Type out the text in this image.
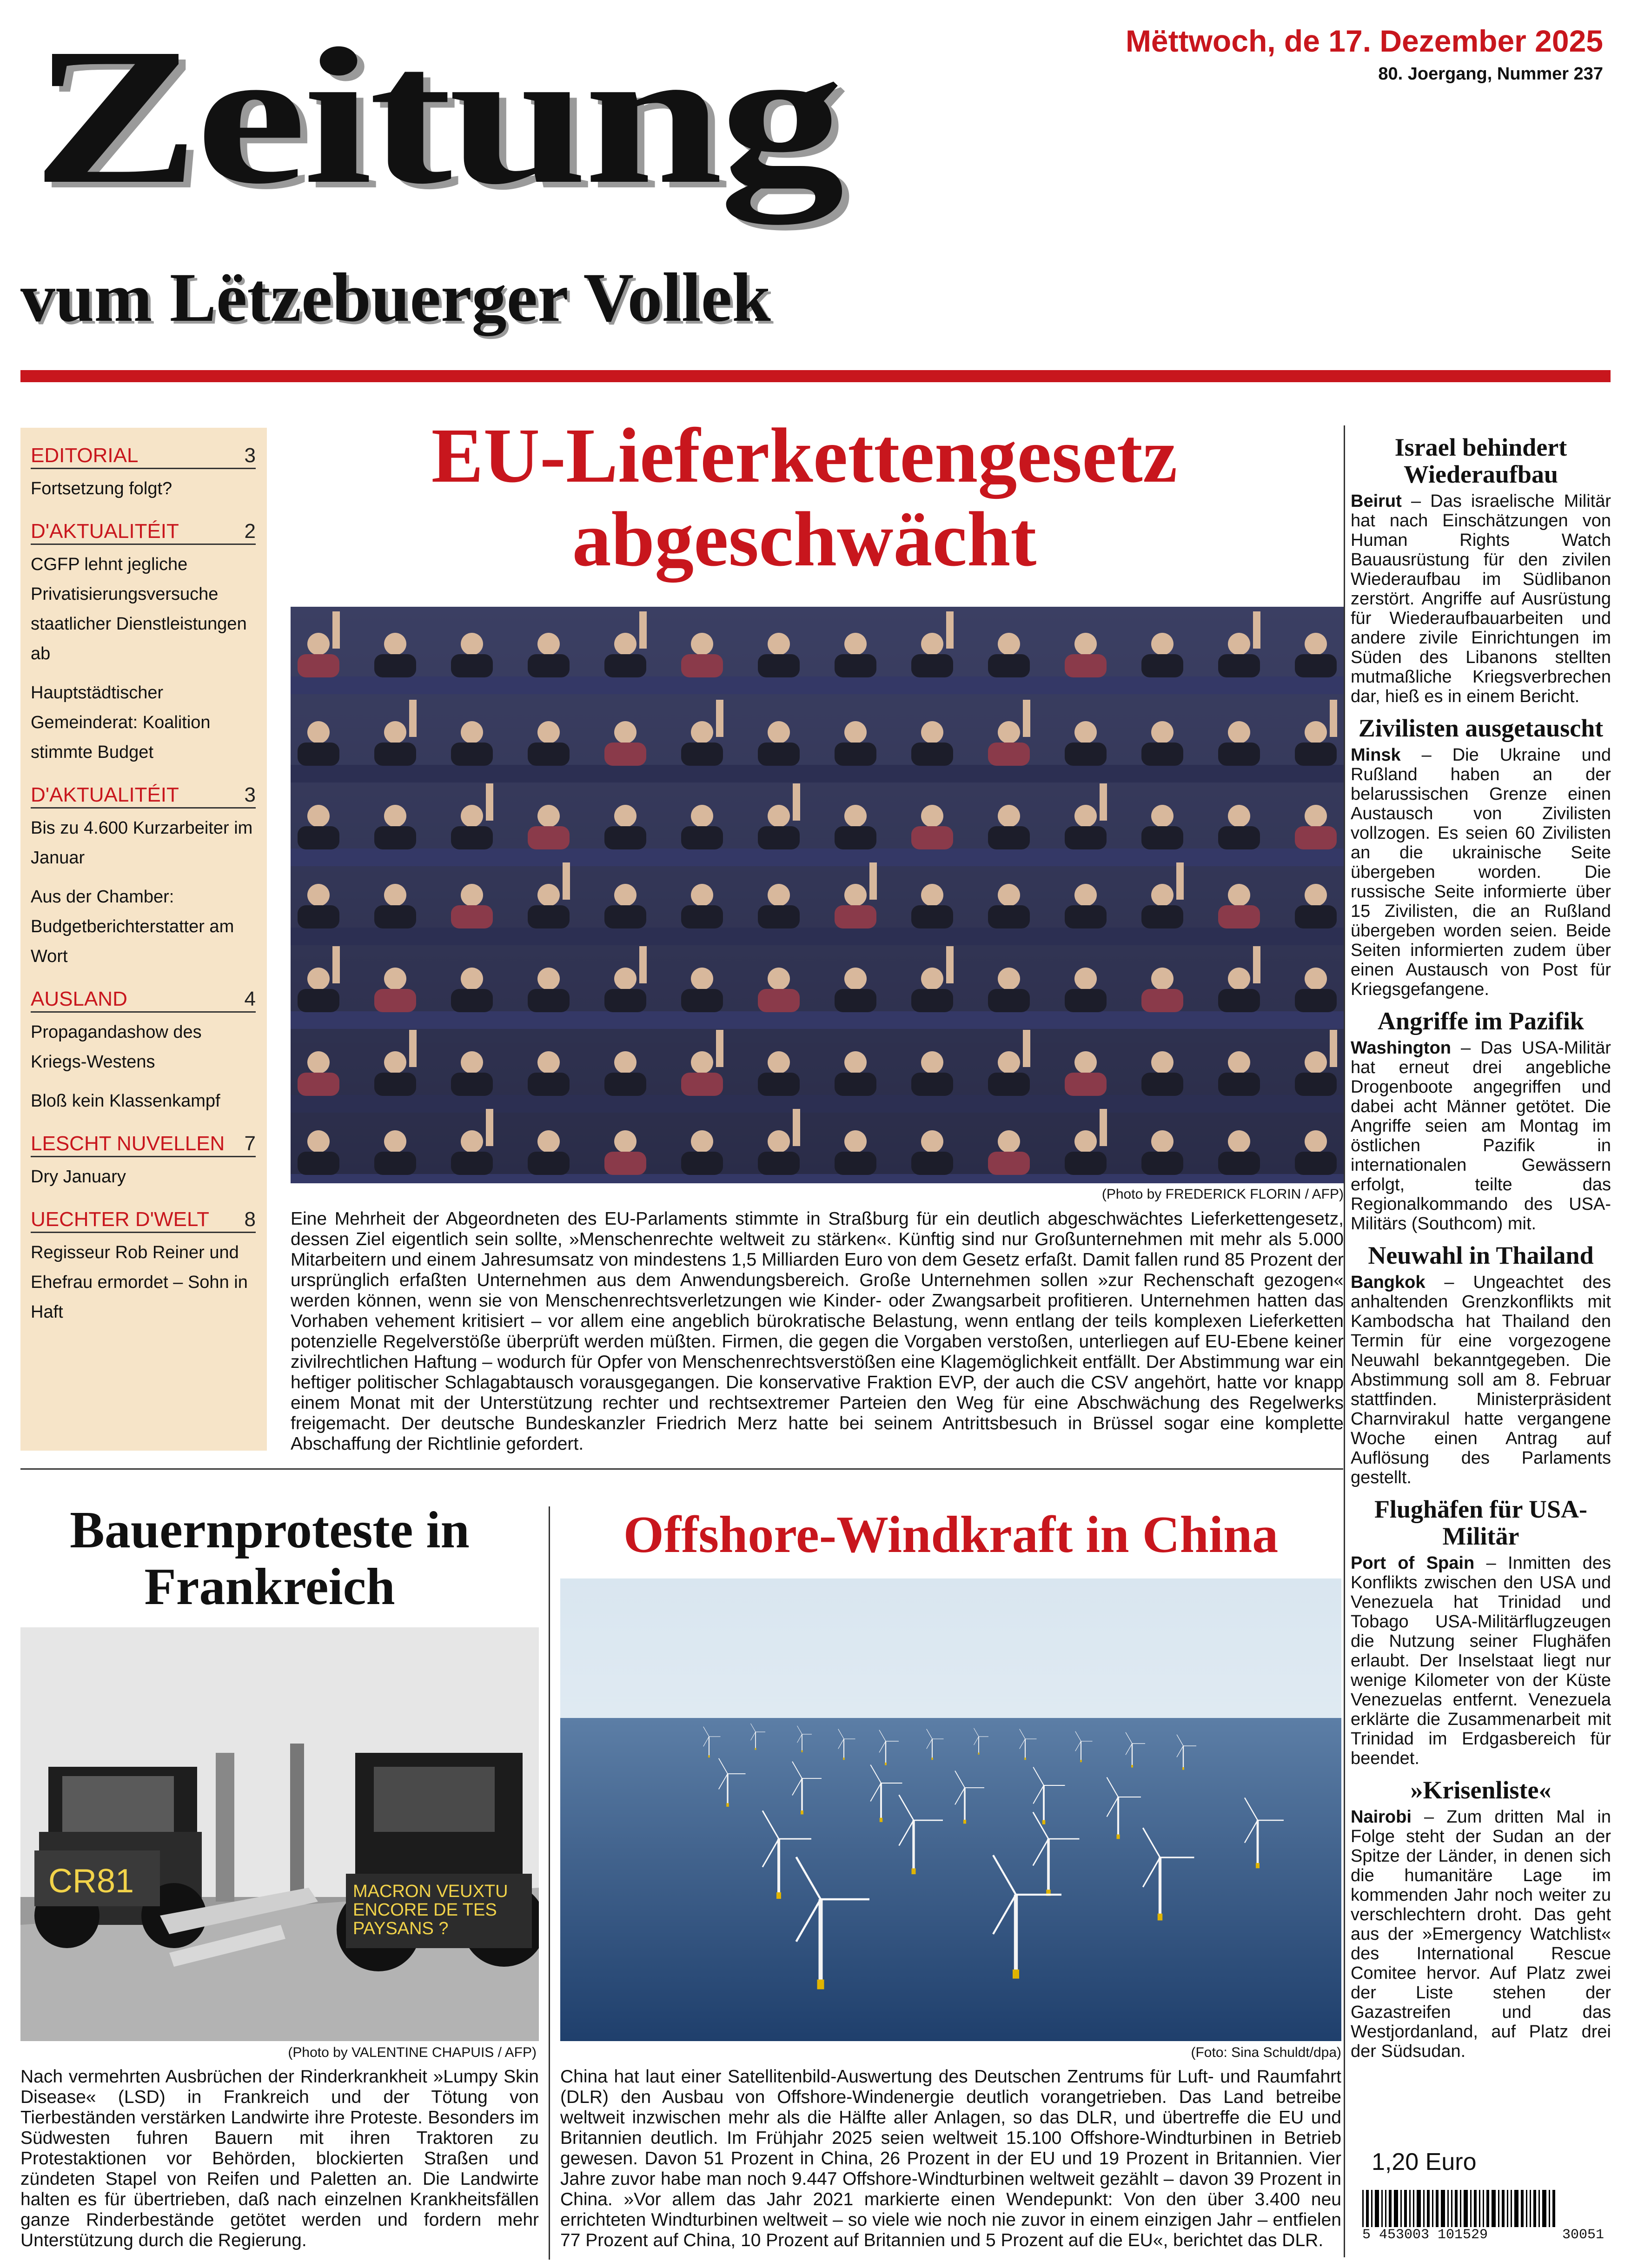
Zeitung
vum Lëtzebuerger Vollek
Mëttwoch, de 17. Dezember 2025
80. Joergang, Nummer 237
EDITORIAL	3
Fortsetzung folgt?
D'AKTUALITÉIT	2
CGFP lehnt jegliche Privatisierungsversuche staatlicher Dienstleistungen ab
Hauptstädtischer Gemeinderat: Koalition stimmte Budget
D'AKTUALITÉIT	3
Bis zu 4.600 Kurzarbeiter im Januar
Aus der Chamber: Budgetberichterstatter am Wort
AUSLAND	4
Propagandashow des Kriegs-Westens
Bloß kein Klassenkampf
LESCHT NUVELLEN 7
Dry January
UECHTER D'WELT 8
Regisseur Rob Reiner und Ehefrau ermordet – Sohn in Haft
EU-Lieferkettengesetz abgeschwächt
(Photo by FREDERICK FLORIN / AFP)
Eine Mehrheit der Abgeordneten des EU-Parlaments stimmte in Straßburg für ein deutlich abgeschwächtes Lieferkettengesetz, dessen Ziel eigentlich sein sollte, »Menschenrechte weltweit zu stärken«. Künftig sind nur Großunternehmen mit mehr als 5.000 Mitarbeitern und einem Jahresumsatz von mindestens 1,5 Milliarden Euro von dem Gesetz erfaßt. Damit fallen rund 85 Prozent der ursprünglich erfaßten Unternehmen aus dem Anwendungsbereich. Große Unternehmen sollen »zur Rechenschaft gezogen« werden können, wenn sie von Menschenrechtsverletzungen wie Kinder- oder Zwangsarbeit profitieren. Unternehmen hatten das Vorhaben vehement kritisiert – vor allem eine angeblich bürokratische Belastung, wenn entlang der teils komplexen Lieferketten potenzielle Regelverstöße überprüft werden müßten. Firmen, die gegen die Vorgaben verstoßen, unterliegen auf EU-Ebene keiner zivilrechtlichen Haftung – wodurch für Opfer von Menschenrechtsverstößen eine Klagemöglichkeit entfällt. Der Abstimmung war ein heftiger politischer Schlagabtausch vorausgegangen. Die konservative Fraktion EVP, der auch die CSV angehört, hatte vor knapp einem Monat mit der Unterstützung rechter und rechtsextremer Parteien den Weg für eine Abschwächung des Regelwerks freigemacht. Der deutsche Bundeskanzler Friedrich Merz hatte bei seinem Antrittsbesuch in Brüssel sogar eine komplette Abschaffung der Richtlinie gefordert.
Bauernproteste in Frankreich
CR81	MACRON VEUXTU ENCORE DE TES PAYSANS ?
(Photo by VALENTINE CHAPUIS / AFP)
Nach vermehrten Ausbrüchen der Rinderkrankheit »Lumpy Skin Disease« (LSD) in Frankreich und der Tötung von Tierbeständen verstärken Landwirte ihre Proteste. Besonders im Südwesten fuhren Bauern mit ihren Traktoren zu Protestaktionen vor Behörden, blockierten Straßen und zündeten Stapel von Reifen und Paletten an. Die Landwirte halten es für übertrieben, daß nach einzelnen Krankheitsfällen ganze Rinderbestände getötet werden und fordern mehr Unterstützung durch die Regierung.
Offshore-Windkraft in China
(Foto: Sina Schuldt/dpa)
China hat laut einer Satellitenbild-Auswertung des Deutschen Zentrums für Luft- und Raumfahrt (DLR) den Ausbau von Offshore-Windenergie deutlich vorangetrieben. Das Land betreibe weltweit inzwischen mehr als die Hälfte aller Anlagen, so das DLR, und übertreffe die EU und Britannien deutlich. Im Frühjahr 2025 seien weltweit 15.100 Offshore-Windturbinen in Betrieb gewesen. Davon 51 Prozent in China, 26 Prozent in der EU und 19 Prozent in Britannien. Vier Jahre zuvor habe man noch 9.447 Offshore-Windturbinen weltweit gezählt – davon 39 Prozent in China. »Vor allem das Jahr 2021 markierte einen Wendepunkt: Von den über 3.400 neu errichteten Windturbinen weltweit – so viele wie noch nie zuvor in einem einzigen Jahr – entfielen 77 Prozent auf China, 10 Prozent auf Britannien und 5 Prozent auf die EU«, berichtet das DLR.
Israel behindert Wiederaufbau

Beirut – Das israelische Militär hat nach Einschätzungen von Human Rights Watch Bauausrüstung für den zivilen Wiederaufbau im Südlibanon zerstört. Angriffe auf Ausrüstung für Wiederaufbauarbeiten und andere zivile Einrichtungen im Süden des Libanons stellten mutmaßliche Kriegsverbrechen dar, hieß es in einem Bericht.

Zivilisten ausgetauscht

Minsk – Die Ukraine und Rußland haben an der belarussischen Grenze einen Austausch von Zivilisten vollzogen. Es seien 60 Zivilisten an die ukrainische Seite übergeben worden. Die russische Seite informierte über 15 Zivilisten, die an Rußland übergeben worden seien. Beide Seiten informierten zudem über einen Austausch von Post für Kriegsgefangene.

Angriffe im Pazifik

Washington – Das USA-Militär hat erneut drei angebliche Drogenboote angegriffen und dabei acht Männer getötet. Die Angriffe seien am Montag im östlichen Pazifik in internationalen Gewässern erfolgt, teilte das Regionalkommando des USA-Militärs (Southcom) mit.

Neuwahl in Thailand

Bangkok – Ungeachtet des anhaltenden Grenzkonflikts mit Kambodscha hat Thailand den Termin für eine vorgezogene Neuwahl bekanntgegeben. Die Abstimmung soll am 8. Februar stattfinden. Ministerpräsident Charnvirakul hatte vergangene Woche einen Antrag auf Auflösung des Parlaments gestellt.

Flughäfen für USA-Militär

Port of Spain – Inmitten des Konflikts zwischen den USA und Venezuela hat Trinidad und Tobago USA-Militärflugzeugen die Nutzung seiner Flughäfen erlaubt. Der Inselstaat liegt nur wenige Kilometer von der Küste Venezuelas entfernt. Venezuela erklärte die Zusammenarbeit mit Trinidad im Erdgasbereich für beendet.

»Krisenliste«

Nairobi – Zum dritten Mal in Folge steht der Sudan an der Spitze der Länder, in denen sich die humanitäre Lage im kommenden Jahr noch weiter zu verschlechtern droht. Das geht aus der »Emergency Watchlist« des International Rescue Comitee hervor. Auf Platz zwei der Liste stehen der Gazastreifen und das Westjordanland, auf Platz drei der Südsudan.

1,20 Euro
5 453003 101529	30051
